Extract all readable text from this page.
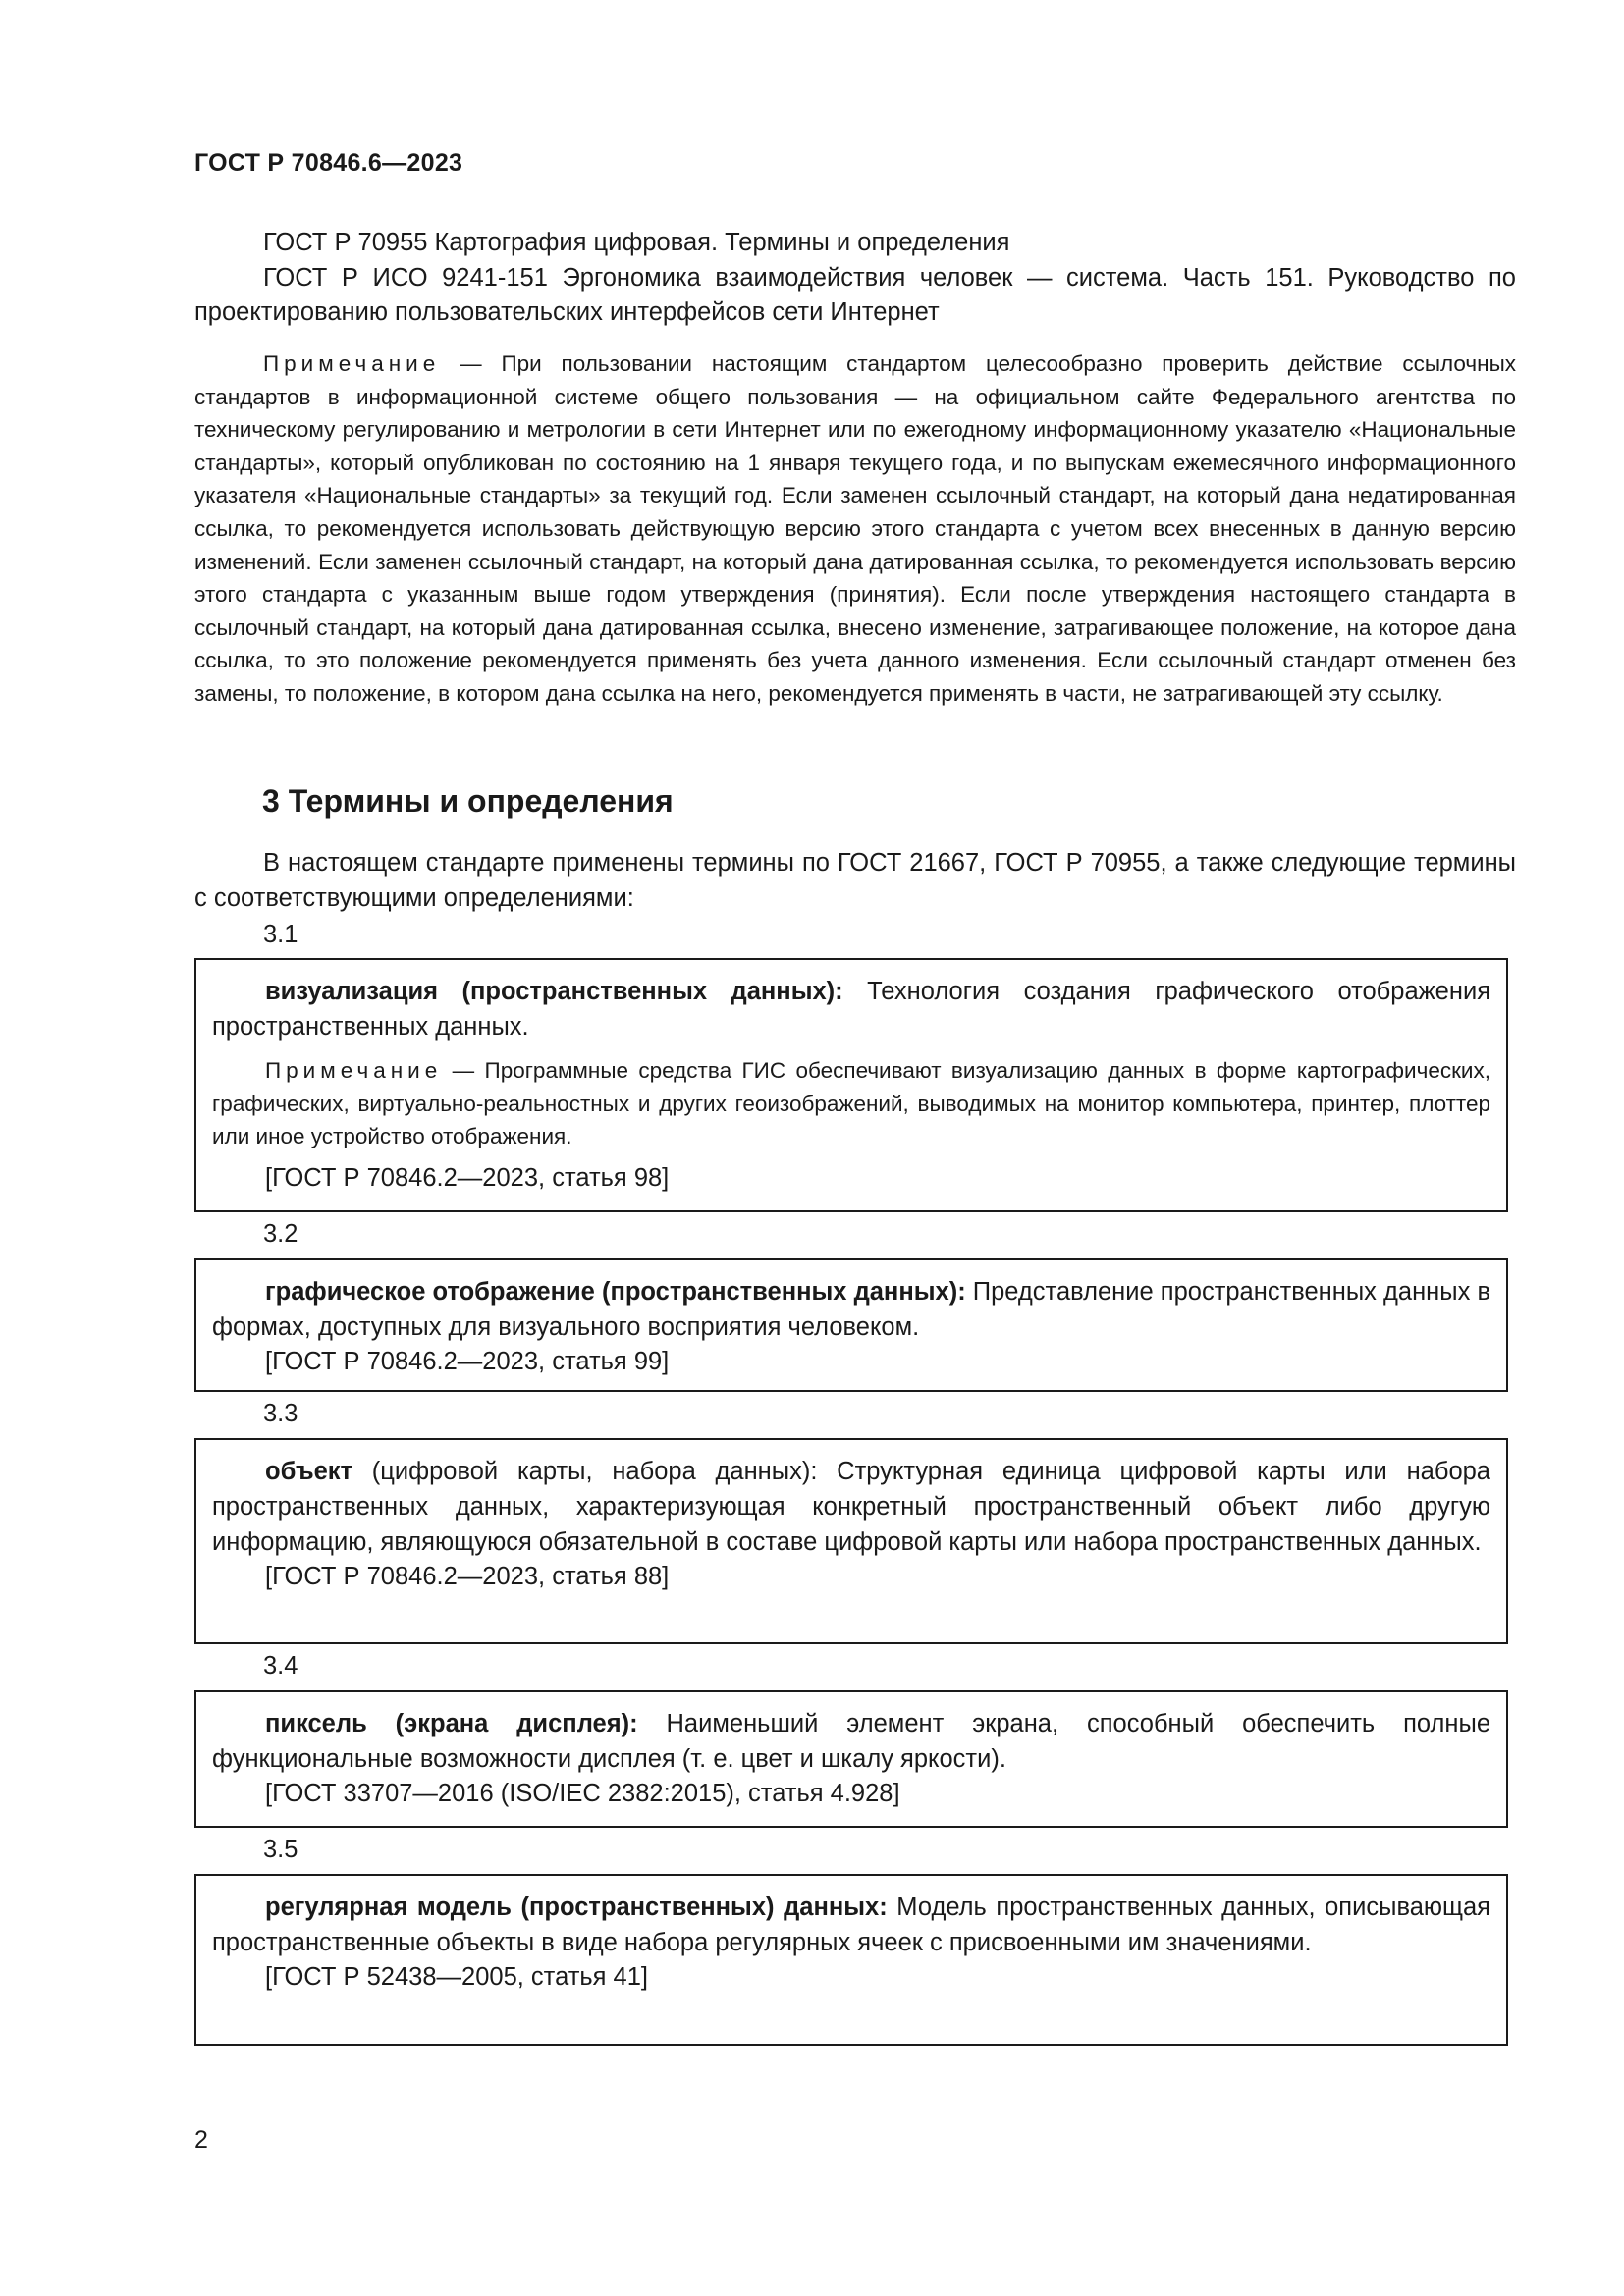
ГОСТ Р 70846.6—2023

ГОСТ Р 70955 Картография цифровая. Термины и определения

ГОСТ Р ИСО 9241-151 Эргономика взаимодействия человек — система. Часть 151. Руководство по проектированию пользовательских интерфейсов сети Интернет

Примечание — При пользовании настоящим стандартом целесообразно проверить действие ссылочных стандартов в информационной системе общего пользования — на официальном сайте Федерального агентства по техническому регулированию и метрологии в сети Интернет или по ежегодному информационному указателю «Национальные стандарты», который опубликован по состоянию на 1 января текущего года, и по выпускам ежемесячного информационного указателя «Национальные стандарты» за текущий год. Если заменен ссылочный стандарт, на который дана недатированная ссылка, то рекомендуется использовать действующую версию этого стандарта с учетом всех внесенных в данную версию изменений. Если заменен ссылочный стандарт, на который дана датированная ссылка, то рекомендуется использовать версию этого стандарта с указанным выше годом утверждения (принятия). Если после утверждения настоящего стандарта в ссылочный стандарт, на который дана датированная ссылка, внесено изменение, затрагивающее положение, на которое дана ссылка, то это положение рекомендуется применять без учета данного изменения. Если ссылочный стандарт отменен без замены, то положение, в котором дана ссылка на него, рекомендуется применять в части, не затрагивающей эту ссылку.

3 Термины и определения

В настоящем стандарте применены термины по ГОСТ 21667, ГОСТ Р 70955, а также следующие термины с соответствующими определениями:

3.1

визуализация (пространственных данных): Технология создания графического отображения пространственных данных.

Примечание — Программные средства ГИС обеспечивают визуализацию данных в форме картографических, графических, виртуально-реальностных и других геоизображений, выводимых на монитор компьютера, принтер, плоттер или иное устройство отображения.

[ГОСТ Р 70846.2—2023, статья 98]

3.2

графическое отображение (пространственных данных): Представление пространственных данных в формах, доступных для визуального восприятия человеком.

[ГОСТ Р 70846.2—2023, статья 99]

3.3

объект (цифровой карты, набора данных): Структурная единица цифровой карты или набора пространственных данных, характеризующая конкретный пространственный объект либо другую информацию, являющуюся обязательной в составе цифровой карты или набора пространственных данных.

[ГОСТ Р 70846.2—2023, статья 88]

3.4

пиксель (экрана дисплея): Наименьший элемент экрана, способный обеспечить полные функциональные возможности дисплея (т. е. цвет и шкалу яркости).

[ГОСТ 33707—2016 (ISO/IEC 2382:2015), статья 4.928]

3.5

регулярная модель (пространственных) данных: Модель пространственных данных, описывающая пространственные объекты в виде набора регулярных ячеек с присвоенными им значениями.

[ГОСТ Р 52438—2005, статья 41]

2
